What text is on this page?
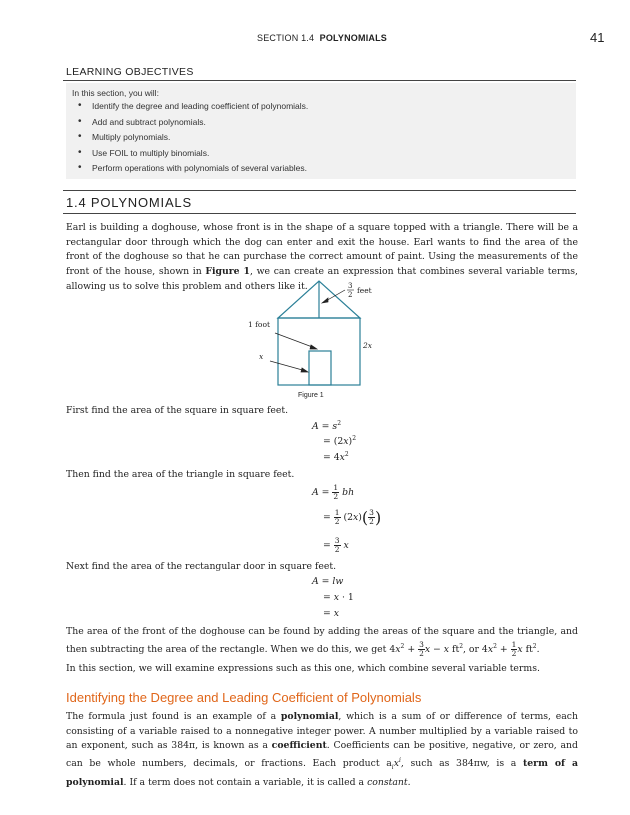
SECTION 1.4 POLYNOMIALS	41
LEARNING OBJECTIVES
In this section, you will:
• Identify the degree and leading coefficient of polynomials.
• Add and subtract polynomials.
• Multiply polynomials.
• Use FOIL to multiply binomials.
• Perform operations with polynomials of several variables.
1.4 POLYNOMIALS
Earl is building a doghouse, whose front is in the shape of a square topped with a triangle. There will be a rectangular door through which the dog can enter and exit the house. Earl wants to find the area of the front of the doghouse so that he can purchase the correct amount of paint. Using the measurements of the front of the house, shown in Figure 1, we can create an expression that combines several variable terms, allowing us to solve this problem and others like it.	3
2 feet
1 foot
2x
x
Figure 1
First find the area of the square in square feet.
$A = s^2$
= $(2x)^2$
= $4x^2$
Then find the area of the triangle in square feet.
$A = \frac{1}{2}$ bh
= $\frac{1}{2} (2x)( \frac{3}{2}$ )
= $\frac{3}{2}$ x
Next find the area of the rectangular door in square feet.
A = lw
= x · 1
= x
The area of the front of the doghouse can be found by adding the areas of the square and the triangle, and then subtracting the area of the rectangle. When we do this, we get $4x^2 + \frac{3}{2}$ x − x $ft^2$, or $4x^2 + \frac{1}{2}$ x $ft^2$.
In this section, we will examine expressions such as this one, which combine several variable terms.
Identifying the Degree and Leading Coefficient of Polynomials
The formula just found is an example of a polynomial, which is a sum of or difference of terms, each consisting of a variable raised to a nonnegative integer power. A number multiplied by a variable raised to an exponent, such as 384π, is known as a coefficient. Coefficients can be positive, negative, or zero, and can be whole numbers, decimals, or fractions. Each product $a_ix^i$, such as 384πw, is a term of a polynomial. If a term does not contain a variable, it is called a constant.
